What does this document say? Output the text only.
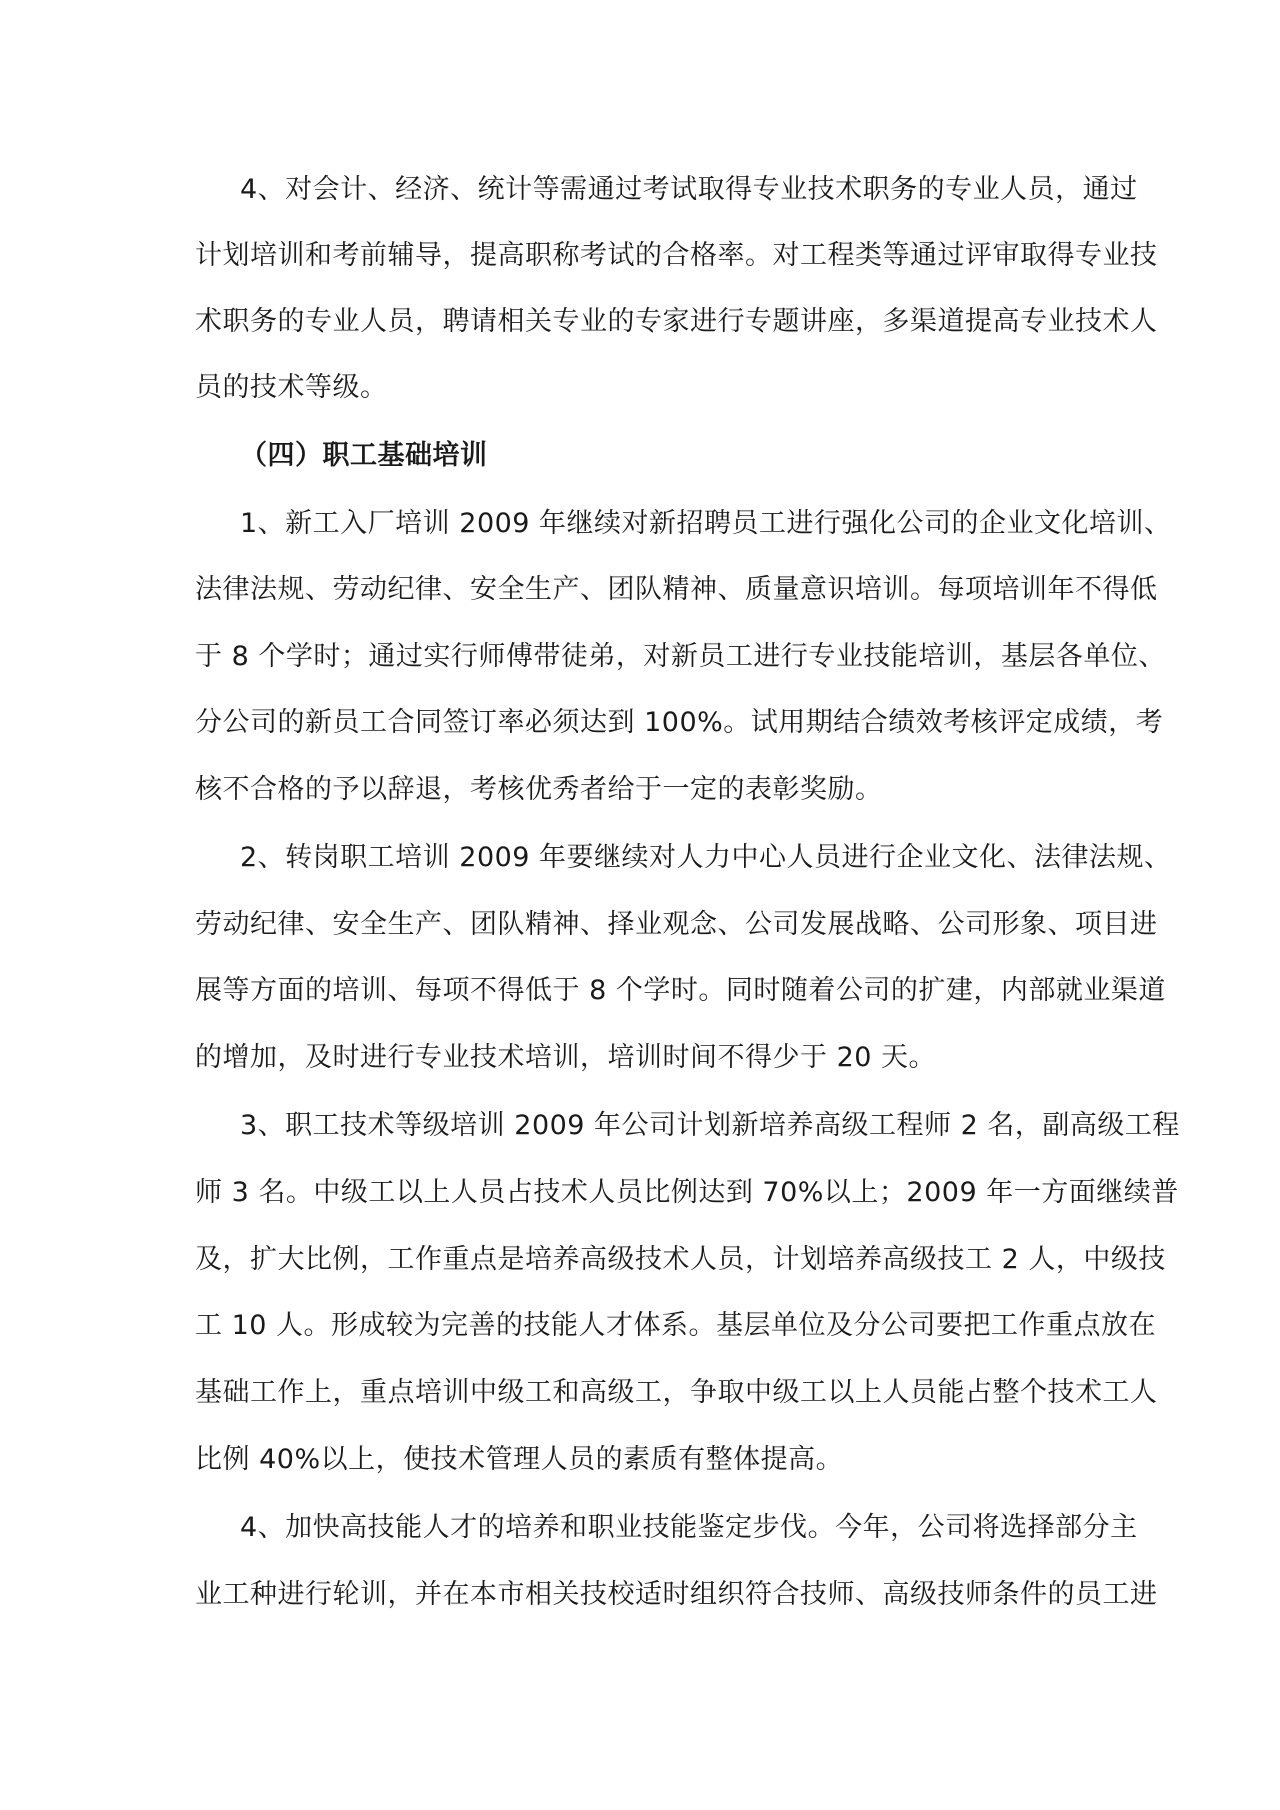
4、对会计、经济、统计等需通过考试取得专业技术职务的专业人员，通过

计划培训和考前辅导，提高职称考试的合格率。对工程类等通过评审取得专业技

术职务的专业人员，聘请相关专业的专家进行专题讲座，多渠道提高专业技术人

员的技术等级。

（四）职工基础培训

1、新工入厂培训 2009 年继续对新招聘员工进行强化公司的企业文化培训、

法律法规、劳动纪律、安全生产、团队精神、质量意识培训。每项培训年不得低

于 8 个学时；通过实行师傅带徒弟，对新员工进行专业技能培训，基层各单位、

分公司的新员工合同签订率必须达到 100%。试用期结合绩效考核评定成绩，考

核不合格的予以辞退，考核优秀者给于一定的表彰奖励。

2、转岗职工培训 2009 年要继续对人力中心人员进行企业文化、法律法规、

劳动纪律、安全生产、团队精神、择业观念、公司发展战略、公司形象、项目进

展等方面的培训、每项不得低于 8 个学时。同时随着公司的扩建，内部就业渠道

的增加，及时进行专业技术培训，培训时间不得少于 20 天。

3、职工技术等级培训 2009 年公司计划新培养高级工程师 2 名，副高级工程

师 3 名。中级工以上人员占技术人员比例达到 70%以上；2009 年一方面继续普

及，扩大比例，工作重点是培养高级技术人员，计划培养高级技工 2 人，中级技

工 10 人。形成较为完善的技能人才体系。基层单位及分公司要把工作重点放在

基础工作上，重点培训中级工和高级工，争取中级工以上人员能占整个技术工人

比例 40%以上，使技术管理人员的素质有整体提高。

4、加快高技能人才的培养和职业技能鉴定步伐。今年，公司将选择部分主

业工种进行轮训，并在本市相关技校适时组织符合技师、高级技师条件的员工进
